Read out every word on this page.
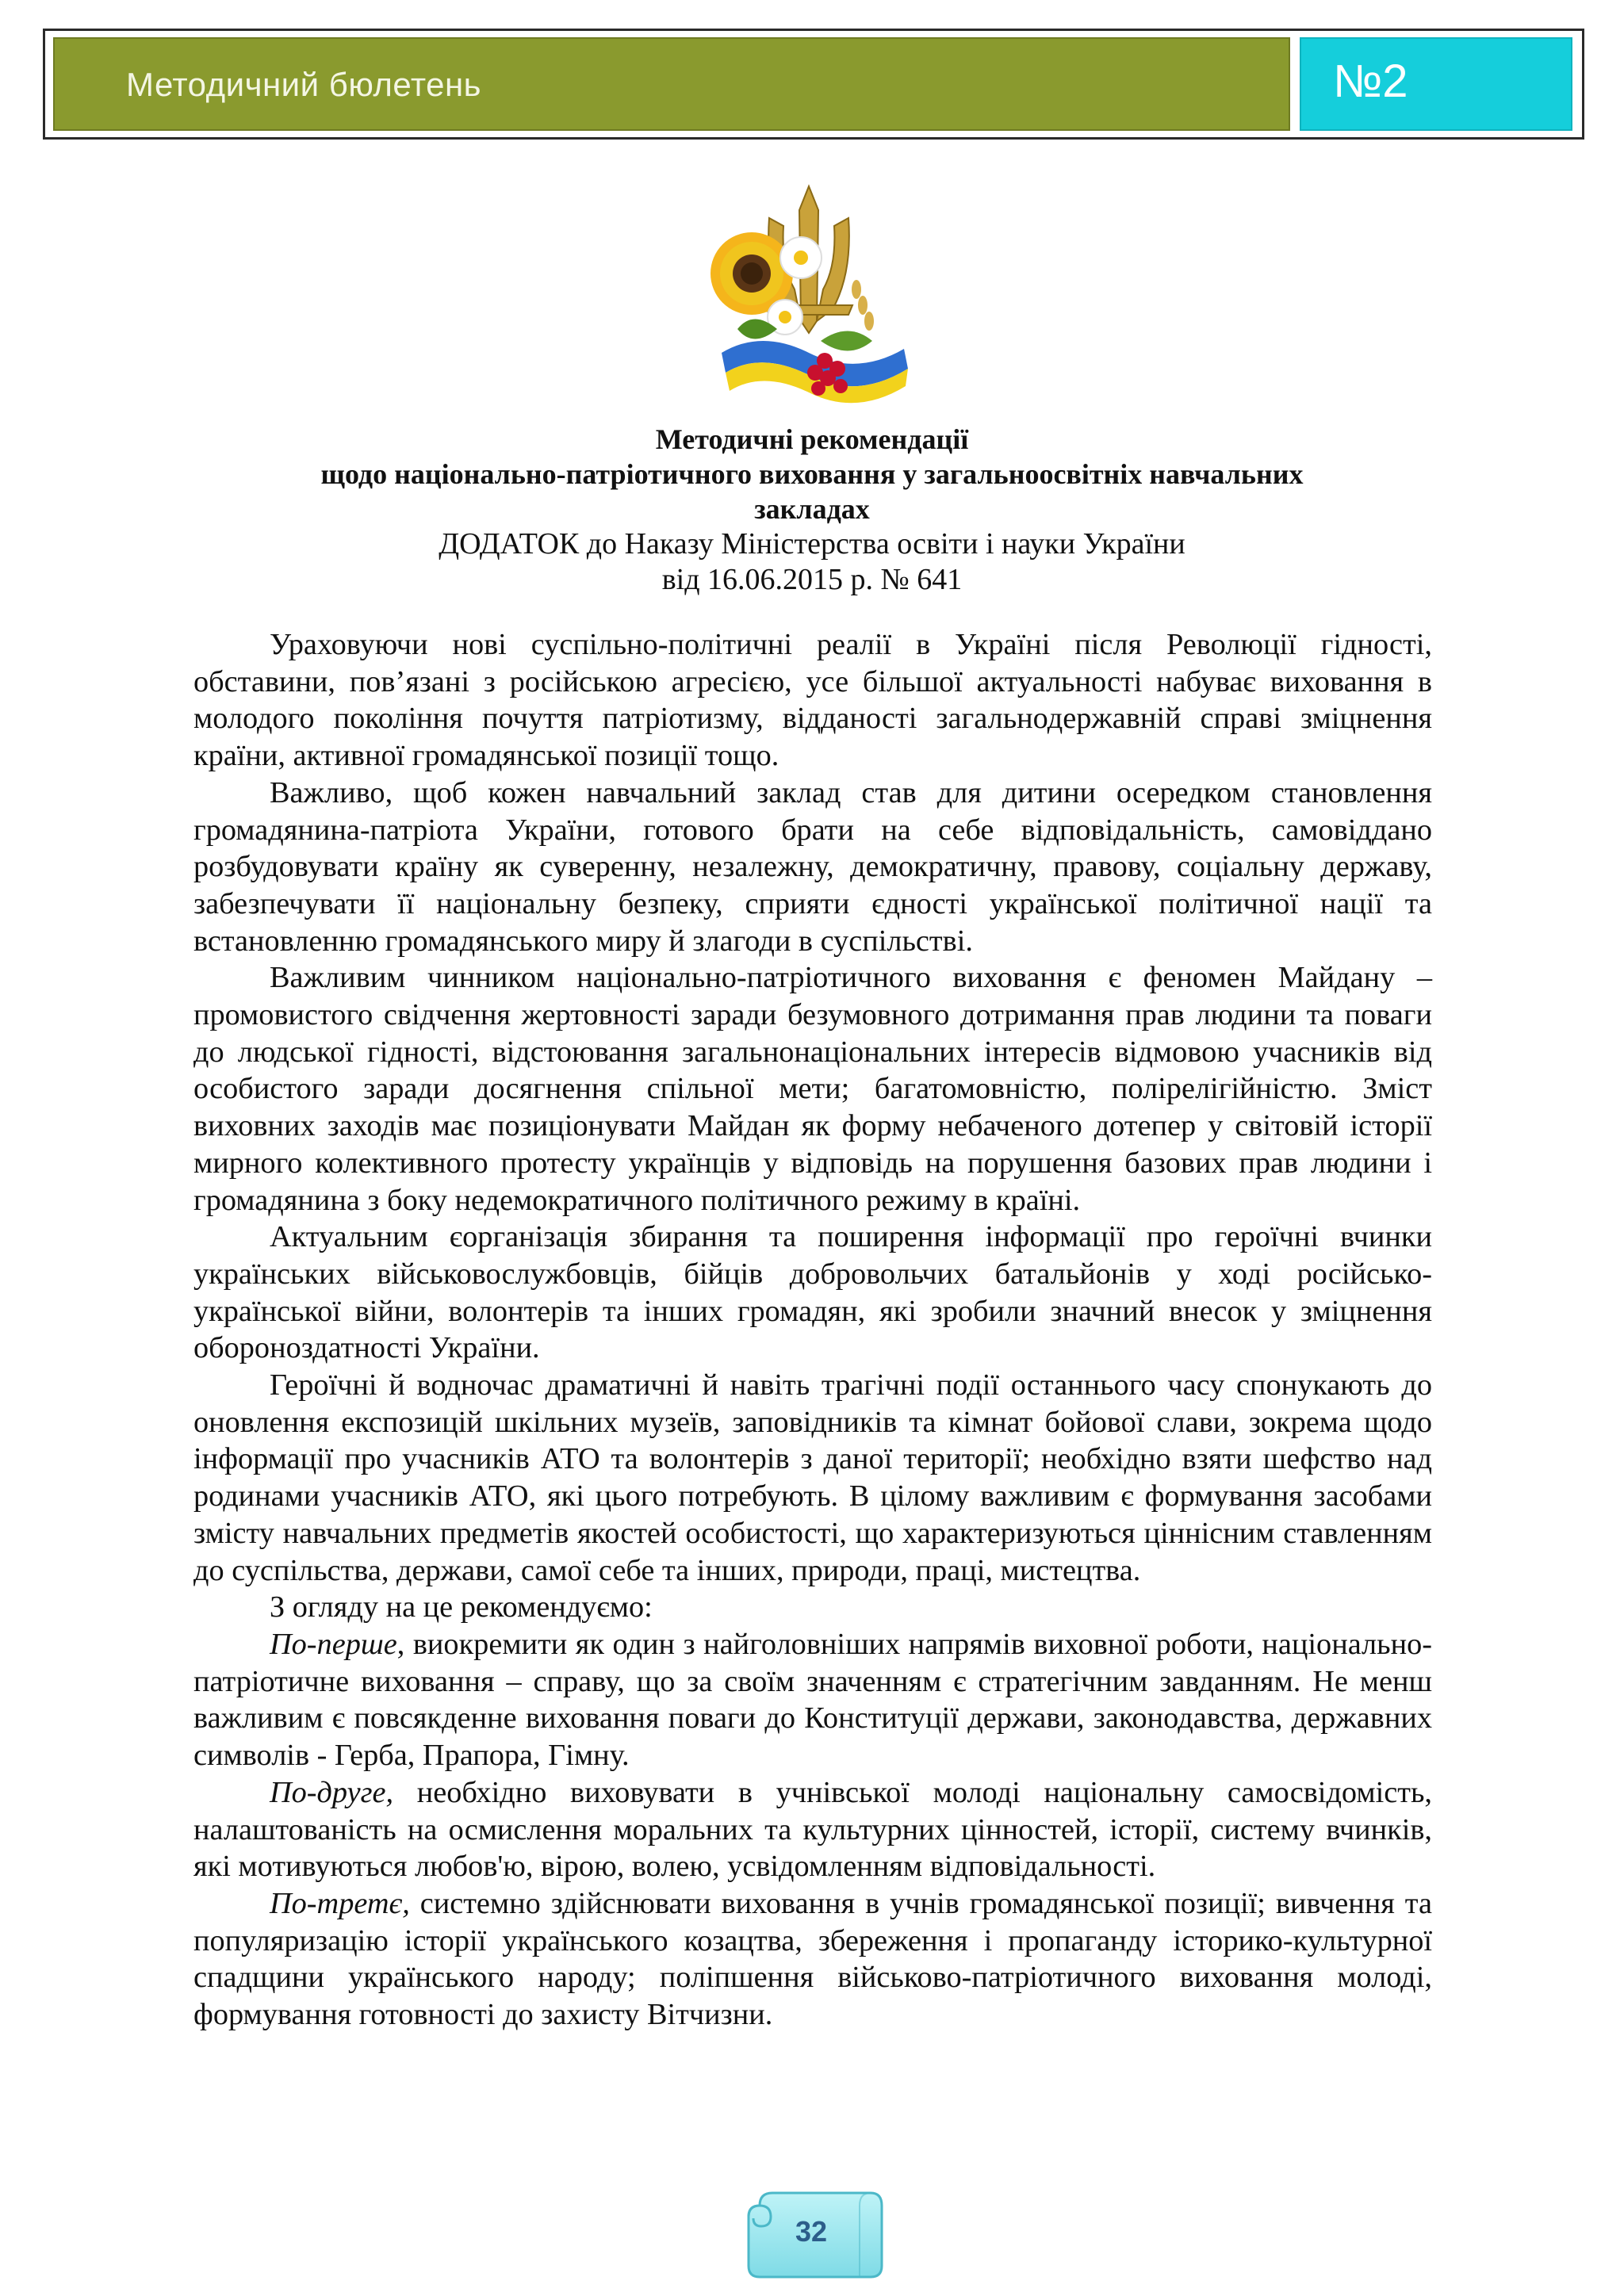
Методичний бюлетень	№2
Методичні рекомендації
щодо національно-патріотичного виховання у загальноосвітніх навчальних
закладах
ДОДАТОК до Наказу Міністерства освіти і науки України
від 16.06.2015 р. № 641

Ураховуючи нові суспільно-політичні реалії в Україні після Революції гідності, обставини, пов’язані з російською агресією, усе більшої актуальності набуває виховання в молодого покоління почуття патріотизму, відданості загальнодержавній справі зміцнення країни, активної громадянської позиції тощо.

Важливо, щоб кожен навчальний заклад став для дитини осередком становлення громадянина-патріота України, готового брати на себе відповідальність, самовіддано розбудовувати країну як суверенну, незалежну, демократичну, правову, соціальну державу, забезпечувати її національну безпеку, сприяти єдності української політичної нації та встановленню громадянського миру й злагоди в суспільстві.

Важливим чинником національно-патріотичного виховання є феномен Майдану – промовистого свідчення жертовності заради безумовного дотримання прав людини та поваги до людської гідності, відстоювання загальнонаціональних інтересів відмовою учасників від особистого заради досягнення спільної мети; багатомовністю, полірелігійністю. Зміст виховних заходів має позиціонувати Майдан як форму небаченого дотепер у світовій історії мирного колективного протесту українців у відповідь на порушення базових прав людини і громадянина з боку недемократичного політичного режиму в країні.

Актуальним єорганізація збирання та поширення інформації про героїчні вчинки українських військовослужбовців, бійців добровольчих батальйонів у ході російсько-української війни, волонтерів та інших громадян, які зробили значний внесок у зміцнення обороноздатності України.

Героїчні й водночас драматичні й навіть трагічні події останнього часу спонукають до оновлення експозицій шкільних музеїв, заповідників та кімнат бойової слави, зокрема щодо інформації про учасників АТО та волонтерів з даної території; необхідно взяти шефство над родинами учасників АТО, які цього потребують. В цілому важливим є формування засобами змісту навчальних предметів якостей особистості, що характеризуються ціннісним ставленням до суспільства, держави, самої себе та інших, природи, праці, мистецтва.

З огляду на це рекомендуємо:

По-перше, виокремити як один з найголовніших напрямів виховної роботи, національно-патріотичне виховання – справу, що за своїм значенням є стратегічним завданням. Не менш важливим є повсякденне виховання поваги до Конституції держави, законодавства, державних символів - Герба, Прапора, Гімну.

По-друге, необхідно виховувати в учнівської молоді національну самосвідомість, налаштованість на осмислення моральних та культурних цінностей, історії, систему вчинків, які мотивуються любов'ю, вірою, волею, усвідомленням відповідальності.

По-третє, системно здійснювати виховання в учнів громадянської позиції; вивчення та популяризацію історії українського козацтва, збереження і пропаганду історико-культурної спадщини українського народу; поліпшення військово-патріотичного виховання молоді, формування готовності до захисту Вітчизни.

32
